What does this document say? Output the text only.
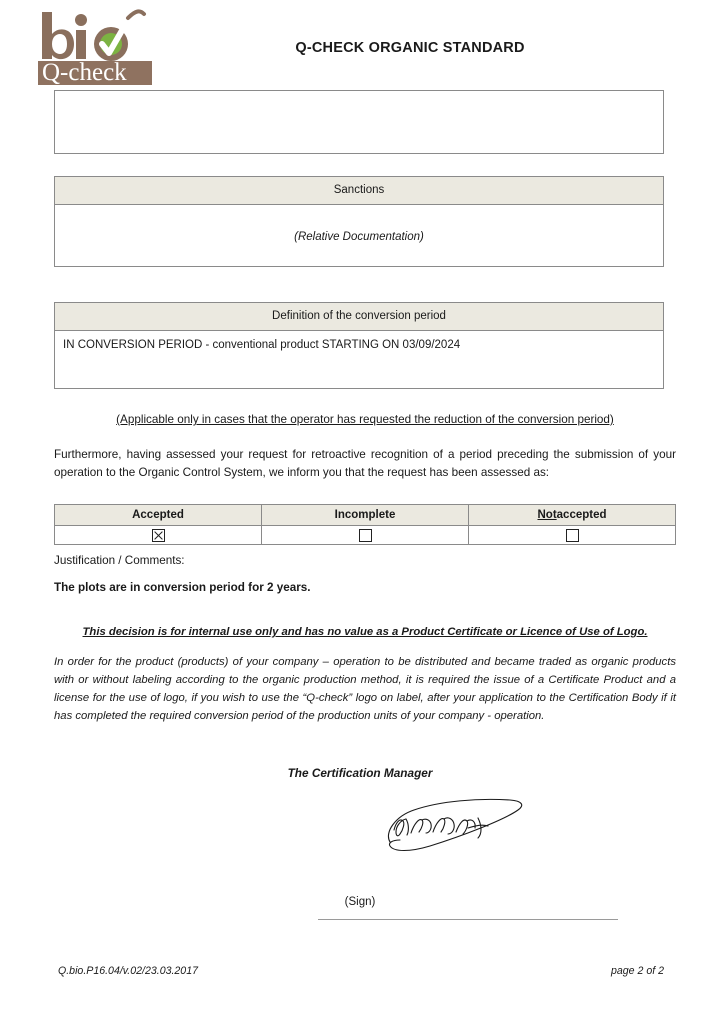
Q-check
Q-CHECK ORGANIC STANDARD
Sanctions
(Relative Documentation)
Definition of the conversion period
IN CONVERSION PERIOD - conventional product STARTING ON 03/09/2024
(Applicable only in cases that the operator has requested the reduction of the conversion period)
Furthermore, having assessed your request for retroactive recognition of a period preceding the submission of your operation to the Organic Control System, we inform you that the request has been assessed as:
Accepted	Incomplete	Notaccepted

Justification / Comments:
The plots are in conversion period for 2 years.
This decision is for internal use only and has no value as a Product Certificate or Licence of Use of Logo.
In order for the product (products) of your company – operation to be distributed and became traded as organic products with or without labeling according to the organic production method, it is required the issue of a Certificate Product and a license for the use of logo, if you wish to use the “Q-check” logo on label, after your application to the Certification Body if it has completed the required conversion period of the production units of your company - operation.
The Certification Manager
(Sign)
Q.bio.P16.04/v.02/23.03.2017	page 2 of 2
